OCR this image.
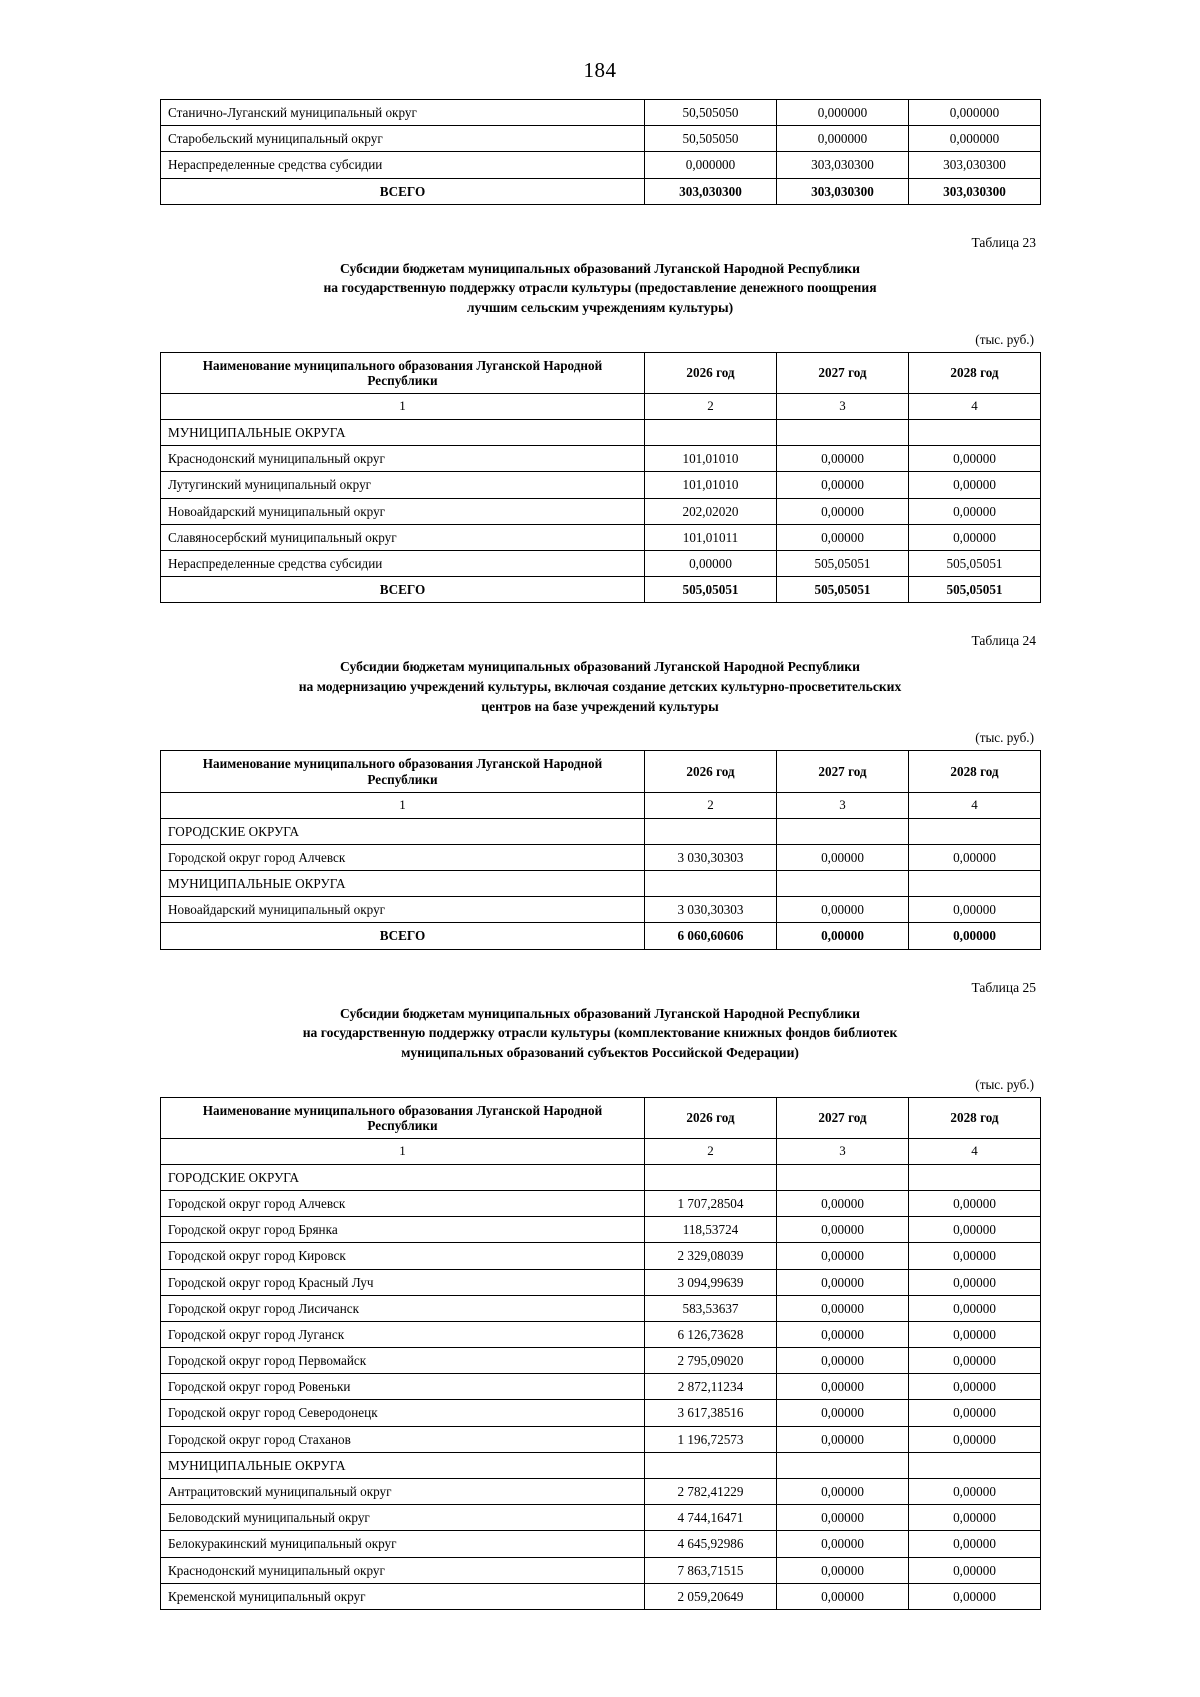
184
Станично-Луганский муниципальный округ	50,505050	0,000000	0,000000
Старобельский муниципальный округ	50,505050	0,000000	0,000000
Нераспределенные средства субсидии	0,000000	303,030300	303,030300
ВСЕГО	303,030300	303,030300	303,030300
Таблица 23
Субсидии бюджетам муниципальных образований Луганской Народной Республики
на государственную поддержку отрасли культуры (предоставление денежного поощрения
лучшим сельским учреждениям культуры)
(тыс. руб.)
Наименование муниципального образования Луганской Народной Республики	2026 год	2027 год	2028 год
1	2	3	4
МУНИЦИПАЛЬНЫЕ ОКРУГА			
Краснодонский муниципальный округ	101,01010	0,00000	0,00000
Лутугинский муниципальный округ	101,01010	0,00000	0,00000
Новоайдарский муниципальный округ	202,02020	0,00000	0,00000
Славяносербский муниципальный округ	101,01011	0,00000	0,00000
Нераспределенные средства субсидии	0,00000	505,05051	505,05051
ВСЕГО	505,05051	505,05051	505,05051
Таблица 24
Субсидии бюджетам муниципальных образований Луганской Народной Республики
на модернизацию учреждений культуры, включая создание детских культурно-просветительских
центров на базе учреждений культуры
(тыс. руб.)
Наименование муниципального образования Луганской Народной Республики	2026 год	2027 год	2028 год
1	2	3	4
ГОРОДСКИЕ ОКРУГА			
Городской округ город Алчевск	3 030,30303	0,00000	0,00000
МУНИЦИПАЛЬНЫЕ ОКРУГА			
Новоайдарский муниципальный округ	3 030,30303	0,00000	0,00000
ВСЕГО	6 060,60606	0,00000	0,00000
Таблица 25
Субсидии бюджетам муниципальных образований Луганской Народной Республики
на государственную поддержку отрасли культуры (комплектование книжных фондов библиотек
муниципальных образований субъектов Российской Федерации)
(тыс. руб.)
Наименование муниципального образования Луганской Народной Республики	2026 год	2027 год	2028 год
1	2	3	4
ГОРОДСКИЕ ОКРУГА			
Городской округ город Алчевск	1 707,28504	0,00000	0,00000
Городской округ город Брянка	118,53724	0,00000	0,00000
Городской округ город Кировск	2 329,08039	0,00000	0,00000
Городской округ город Красный Луч	3 094,99639	0,00000	0,00000
Городской округ город Лисичанск	583,53637	0,00000	0,00000
Городской округ город Луганск	6 126,73628	0,00000	0,00000
Городской округ город Первомайск	2 795,09020	0,00000	0,00000
Городской округ город Ровеньки	2 872,11234	0,00000	0,00000
Городской округ город Северодонецк	3 617,38516	0,00000	0,00000
Городской округ город Стаханов	1 196,72573	0,00000	0,00000
МУНИЦИПАЛЬНЫЕ ОКРУГА			
Антрацитовский муниципальный округ	2 782,41229	0,00000	0,00000
Беловодский муниципальный округ	4 744,16471	0,00000	0,00000
Белокуракинский муниципальный округ	4 645,92986	0,00000	0,00000
Краснодонский муниципальный округ	7 863,71515	0,00000	0,00000
Кременской муниципальный округ	2 059,20649	0,00000	0,00000
